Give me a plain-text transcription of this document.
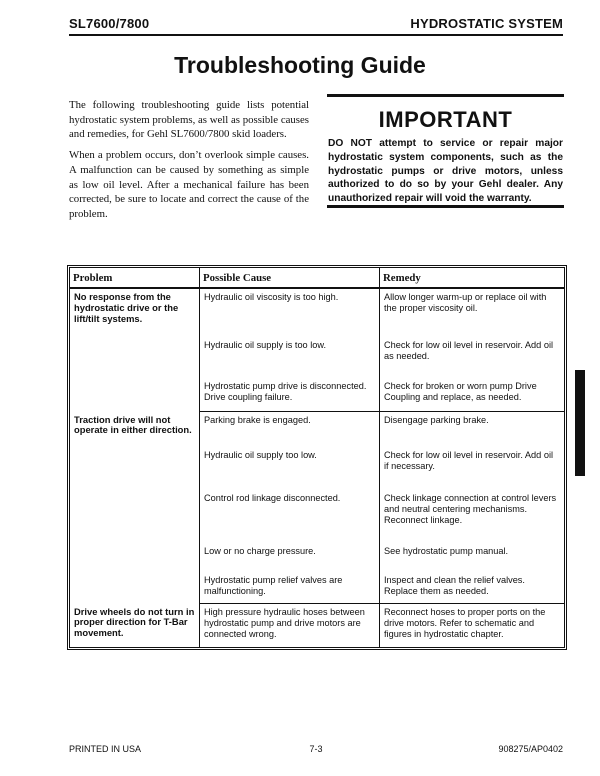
SL7600/7800	HYDROSTATIC SYSTEM
Troubleshooting Guide

The following troubleshooting guide lists potential hydrostatic system problems, as well as possible causes and remedies, for Gehl SL7600/7800 skid loaders.

When a problem occurs, don’t overlook simple causes. A malfunction can be caused by something as simple as low oil level. After a mechanical failure has been corrected, be sure to locate and correct the cause of the problem.

IMPORTANT
DO NOT attempt to service or repair major hydrostatic system components, such as the hydrostatic pumps or drive motors, unless authorized to do so by your Gehl dealer. Any unauthorized repair will void the warranty.
Problem	Possible Cause	Remedy
No response from the hydrostatic drive or the lift/tilt systems.	Hydraulic oil viscosity is too high.	Allow longer warm-up or replace oil with the proper viscosity oil.
	Hydraulic oil supply is too low.	Check for low oil level in reservoir. Add oil as needed.
	Hydrostatic pump drive is disconnected. Drive coupling failure.	Check for broken or worn pump Drive Coupling and replace, as needed.
Traction drive will not operate in either direction.	Parking brake is engaged.	Disengage parking brake.
	Hydraulic oil supply too low.	Check for low oil level in reservoir. Add oil if necessary.
	Control rod linkage disconnected.	Check linkage connection at control levers and neutral centering mechanisms. Reconnect linkage.
	Low or no charge pressure.	See hydrostatic pump manual.
	Hydrostatic pump relief valves are malfunctioning.	Inspect and clean the relief valves. Replace them as needed.
Drive wheels do not turn in proper direction for T-Bar movement.	High pressure hydraulic hoses between hydrostatic pump and drive motors are connected wrong.	Reconnect hoses to proper ports on the drive motors. Refer to schematic and figures in hydrostatic chapter.
PRINTED IN USA	7-3	908275/AP0402
